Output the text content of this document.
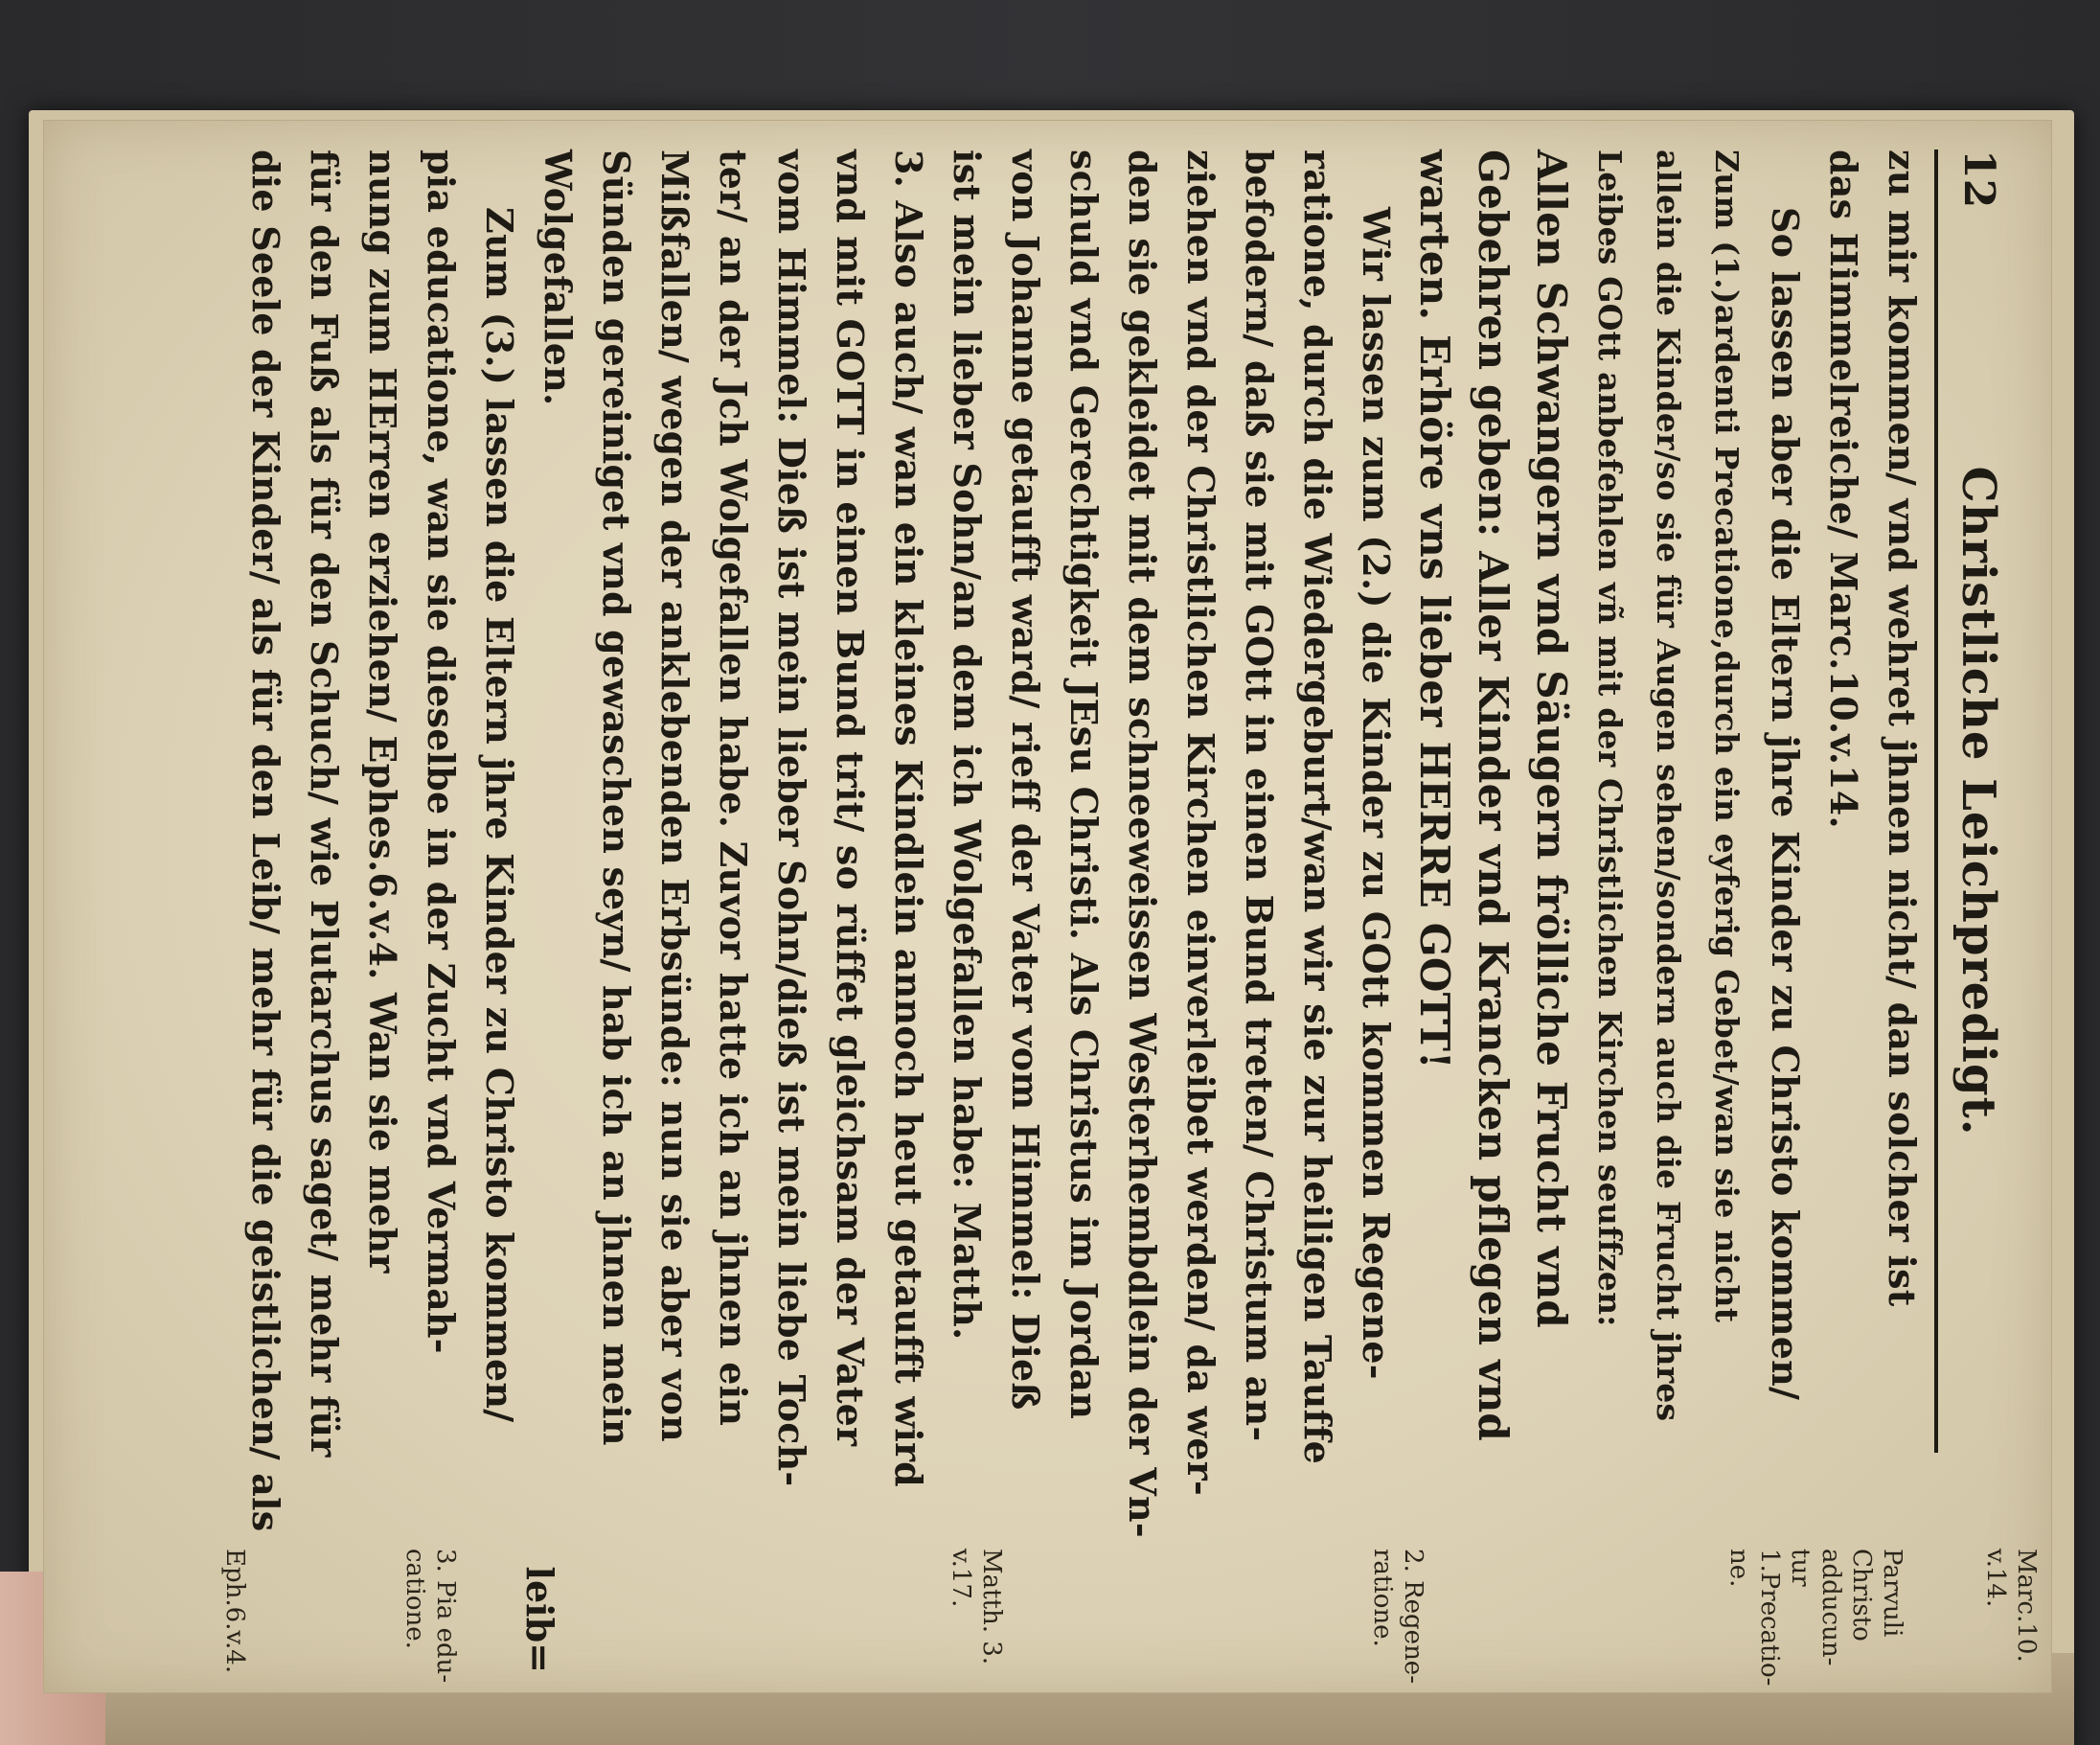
12
Christliche Leichpredigt.
zu mir kommen/ vnd wehret jhnen nicht/ dan solcher ist
das Himmelreiche/ Marc.10.v.14.
So lassen aber die Eltern jhre Kinder zu Christo kommen/
Zum (1.)ardenti Precatione,durch ein eyferig Gebet/wan sie nicht
allein die Kinder/so sie für Augen sehen/sondern auch die Frucht jhres
Leibes GOtt anbefehlen vñ mit der Christlichen Kirchen seuffzen:
Allen Schwangern vnd Säugern frölliche Frucht vnd
Gebehren geben: Aller Kinder vnd Krancken pflegen vnd
warten. Erhöre vns lieber HERRE GOTT!
Wir lassen zum (2.) die Kinder zu GOtt kommen Regene-
ratione, durch die Wiedergeburt/wan wir sie zur heiligen Tauffe
befodern/ daß sie mit GOtt in einen Bund treten/ Christum an-
ziehen vnd der Christlichen Kirchen einverleibet werden/ da wer-
den sie gekleidet mit dem schneeweissen Westerhembdlein der Vn-
schuld vnd Gerechtigkeit JEsu Christi. Als Christus im Jordan
von Johanne getaufft ward/ rieff der Vater vom Himmel: Dieß
ist mein lieber Sohn/an dem ich Wolgefallen habe: Matth.
3. Also auch/ wan ein kleines Kindlein annoch heut getaufft wird
vnd mit GOTT in einen Bund trit/ so rüffet gleichsam der Vater
vom Himmel: Dieß ist mein lieber Sohn/dieß ist mein liebe Toch-
ter/ an der Jch Wolgefallen habe. Zuvor hatte ich an jhnen ein
Mißfallen/ wegen der anklebenden Erbsünde: nun sie aber von
Sünden gereiniget vnd gewaschen seyn/ hab ich an jhnen mein
Wolgefallen.
Zum (3.) lassen die Eltern jhre Kinder zu Christo kommen/
pia educatione, wan sie dieselbe in der Zucht vnd Vermah-
nung zum HErren erziehen/ Ephes.6.v.4. Wan sie mehr
für den Fuß als für den Schuch/ wie Plutarchus saget/ mehr für
die Seele der Kinder/ als für den Leib/ mehr für die geistlichen/ als
leib=	Marc.10.
v.14.
Parvuli
Christo
adducun-
tur
1.Precatio-
ne.
2. Regene-
ratione.
Matth. 3.
v.17.
3. Pia edu-
catione.
Eph.6.v.4.
